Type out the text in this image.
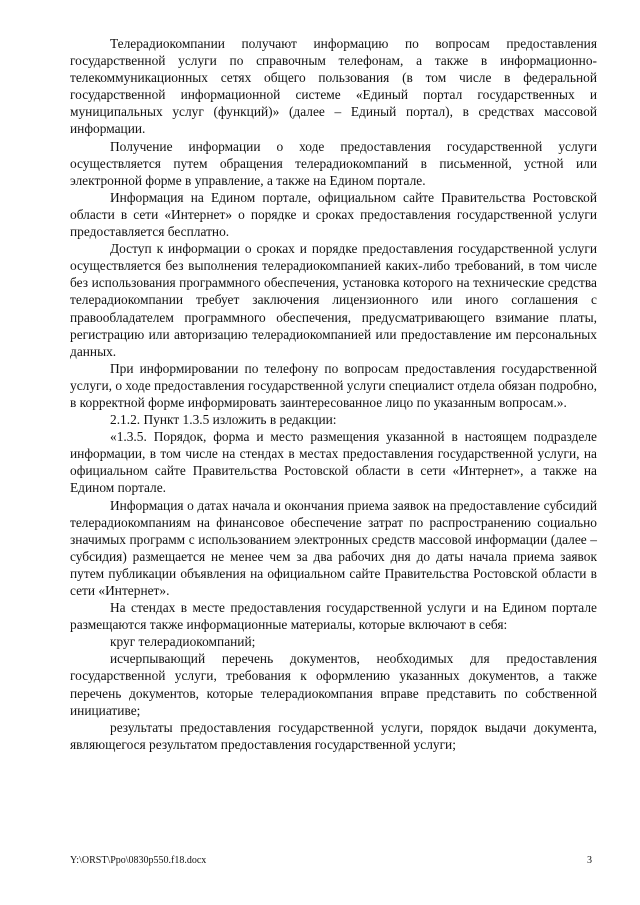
Телерадиокомпании получают информацию по вопросам предоставления государственной услуги по справочным телефонам, а также в информационно-телекоммуникационных сетях общего пользования (в том числе в федеральной государственной информационной системе «Единый портал государственных и муниципальных услуг (функций)» (далее – Единый портал), в средствах массовой информации.

Получение информации о ходе предоставления государственной услуги осуществляется путем обращения телерадиокомпаний в письменной, устной или электронной форме в управление, а также на Едином портале.

Информация на Едином портале, официальном сайте Правительства Ростовской области в сети «Интернет» о порядке и сроках предоставления государственной услуги предоставляется бесплатно.

Доступ к информации о сроках и порядке предоставления государственной услуги осуществляется без выполнения телерадиокомпанией каких-либо требований, в том числе без использования программного обеспечения, установка которого на технические средства телерадиокомпании требует заключения лицензионного или иного соглашения с правообладателем программного обеспечения, предусматривающего взимание платы, регистрацию или авторизацию телерадиокомпанией или предоставление им персональных данных.

При информировании по телефону по вопросам предоставления государственной услуги, о ходе предоставления государственной услуги специалист отдела обязан подробно, в корректной форме информировать заинтересованное лицо по указанным вопросам.».

2.1.2. Пункт 1.3.5 изложить в редакции:

«1.3.5. Порядок, форма и место размещения указанной в настоящем подразделе информации, в том числе на стендах в местах предоставления государственной услуги, на официальном сайте Правительства Ростовской области в сети «Интернет», а также на Едином портале.

Информация о датах начала и окончания приема заявок на предоставление субсидий телерадиокомпаниям на финансовое обеспечение затрат по распространению социально значимых программ с использованием электронных средств массовой информации (далее – субсидия) размещается не менее чем за два рабочих дня до даты начала приема заявок путем публикации объявления на официальном сайте Правительства Ростовской области в сети «Интернет».

На стендах в месте предоставления государственной услуги и на Едином портале размещаются также информационные материалы, которые включают в себя:

круг телерадиокомпаний;

исчерпывающий перечень документов, необходимых для предоставления государственной услуги, требования к оформлению указанных документов, а также перечень документов, которые телерадиокомпания вправе представить по собственной инициативе;

результаты предоставления государственной услуги, порядок выдачи документа, являющегося результатом предоставления государственной услуги;

Y:\ORST\Ppo\0830p550.f18.docx	3
